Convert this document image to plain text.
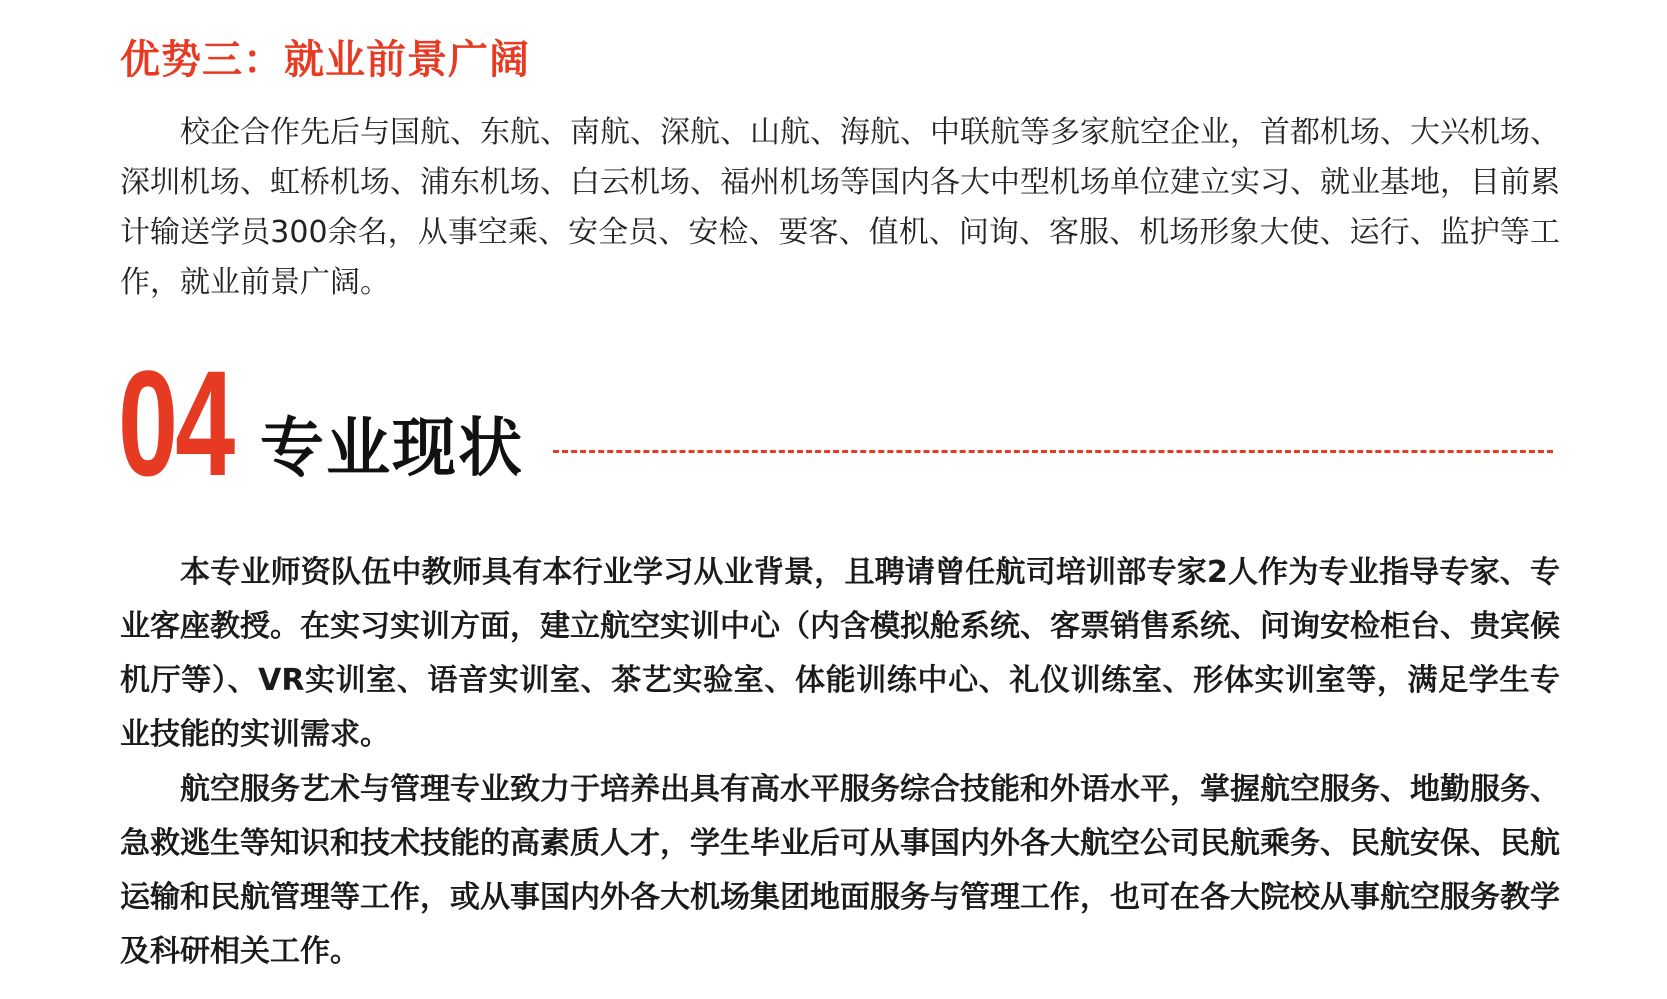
优势三：就业前景广阔

校企合作先后与国航、东航、南航、深航、山航、海航、中联航等多家航空企业，首都机场、大兴机场、深圳机场、虹桥机场、浦东机场、白云机场、福州机场等国内各大中型机场单位建立实习、就业基地，目前累计输送学员300余名，从事空乘、安全员、安检、要客、值机、问询、客服、机场形象大使、运行、监护等工作，就业前景广阔。

04 专业现状

本专业师资队伍中教师具有本行业学习从业背景，且聘请曾任航司培训部专家2人作为专业指导专家、专业客座教授。在实习实训方面，建立航空实训中心（内含模拟舱系统、客票销售系统、问询安检柜台、贵宾候机厅等）、VR实训室、语音实训室、茶艺实验室、体能训练中心、礼仪训练室、形体实训室等，满足学生专业技能的实训需求。

航空服务艺术与管理专业致力于培养出具有高水平服务综合技能和外语水平，掌握航空服务、地勤服务、急救逃生等知识和技术技能的高素质人才，学生毕业后可从事国内外各大航空公司民航乘务、民航安保、民航运输和民航管理等工作，或从事国内外各大机场集团地面服务与管理工作，也可在各大院校从事航空服务教学及科研相关工作。
